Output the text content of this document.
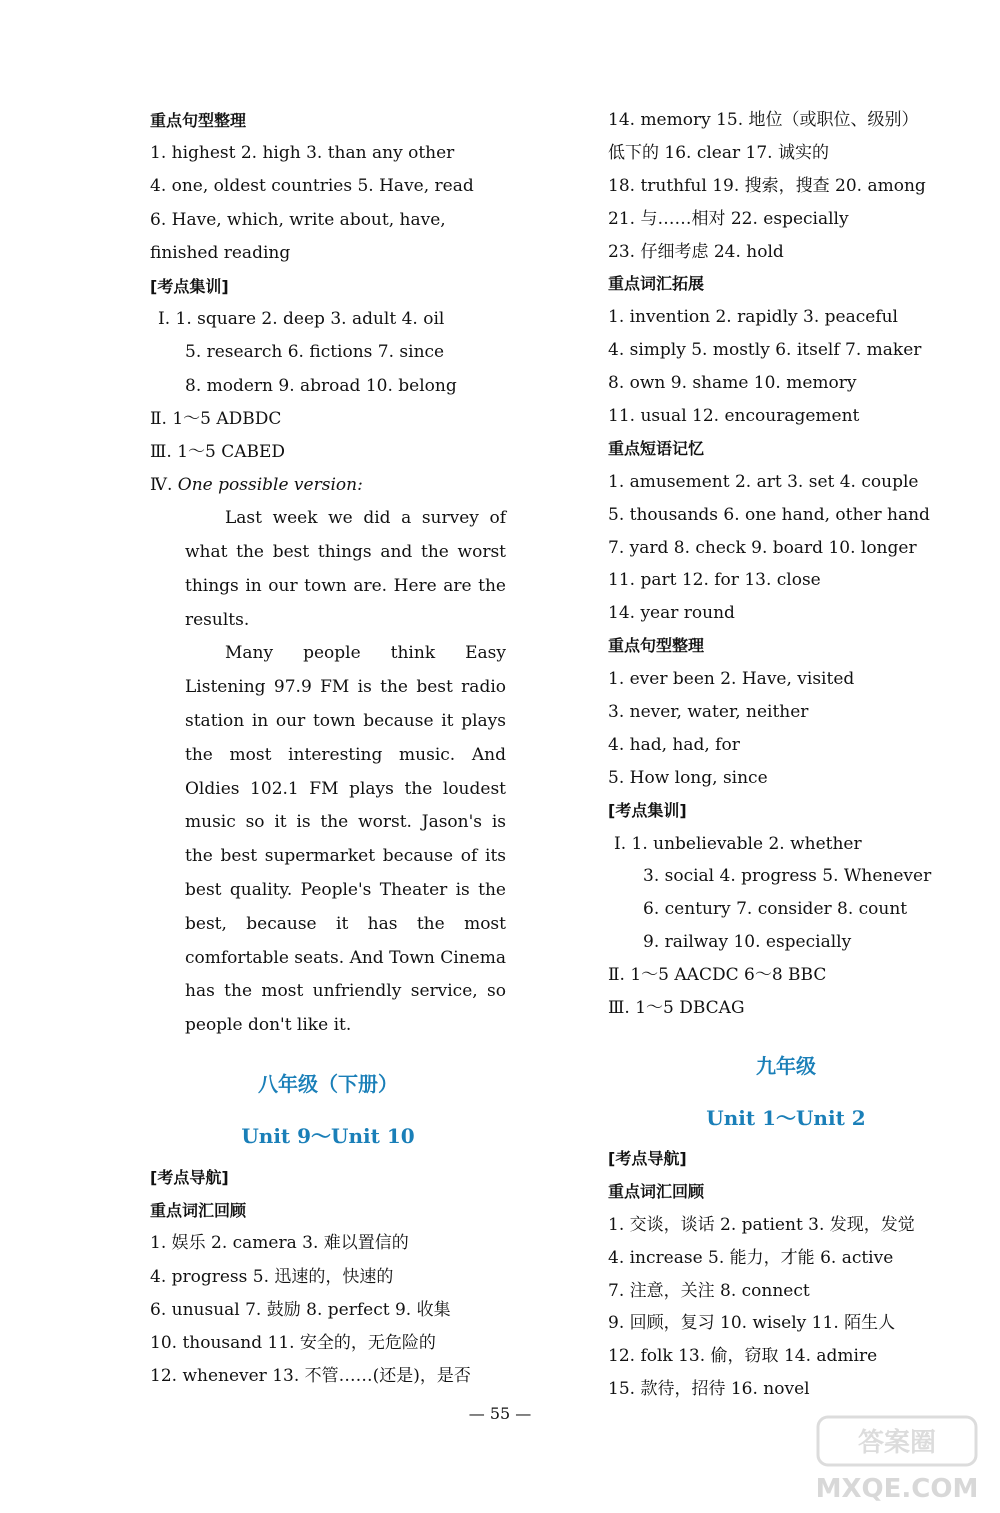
重点句型整理
1. highest 2. high 3. than any other
4. one, oldest countries 5. Have, read
6. Have, which, write about, have,
finished reading
[考点集训]
Ⅰ. 1. square 2. deep 3. adult 4. oil
5. research 6. fictions 7. since
8. modern 9. abroad 10. belong
Ⅱ. 1～5 ADBDC
Ⅲ. 1～5 CABED
Ⅳ. One possible version:

Last week we did a survey of what the best things and the worst things in our town are. Here are the results.

Many people think Easy Listening 97.9 FM is the best radio station in our town because it plays the most interesting music. And Oldies 102.1 FM plays the loudest music so it is the worst. Jason's is the best supermarket because of its best quality. People's Theater is the best, because it has the most comfortable seats. And Town Cinema has the most unfriendly service, so people don't like it.

八年级（下册）
Unit 9～Unit 10
[考点导航]
重点词汇回顾
1. 娱乐 2. camera 3. 难以置信的
4. progress 5. 迅速的，快速的
6. unusual 7. 鼓励 8. perfect 9. 收集
10. thousand 11. 安全的，无危险的
12. whenever 13. 不管……(还是)，是否
14. memory 15. 地位（或职位、级别）
低下的 16. clear 17. 诚实的
18. truthful 19. 搜索，搜查 20. among
21. 与……相对 22. especially
23. 仔细考虑 24. hold
重点词汇拓展
1. invention 2. rapidly 3. peaceful
4. simply 5. mostly 6. itself 7. maker
8. own 9. shame 10. memory
11. usual 12. encouragement
重点短语记忆
1. amusement 2. art 3. set 4. couple
5. thousands 6. one hand, other hand
7. yard 8. check 9. board 10. longer
11. part 12. for 13. close
14. year round
重点句型整理
1. ever been 2. Have, visited
3. never, water, neither
4. had, had, for
5. How long, since
[考点集训]
Ⅰ. 1. unbelievable 2. whether
3. social 4. progress 5. Whenever
6. century 7. consider 8. count
9. railway 10. especially
Ⅱ. 1～5 AACDC 6～8 BBC
Ⅲ. 1～5 DBCAG
九年级
Unit 1～Unit 2
[考点导航]
重点词汇回顾
1. 交谈，谈话 2. patient 3. 发现，发觉
4. increase 5. 能力，才能 6. active
7. 注意，关注 8. connect
9. 回顾，复习 10. wisely 11. 陌生人
12. folk 13. 偷，窃取 14. admire
15. 款待，招待 16. novel
— 55 —
答案圈
MXQE.COM
